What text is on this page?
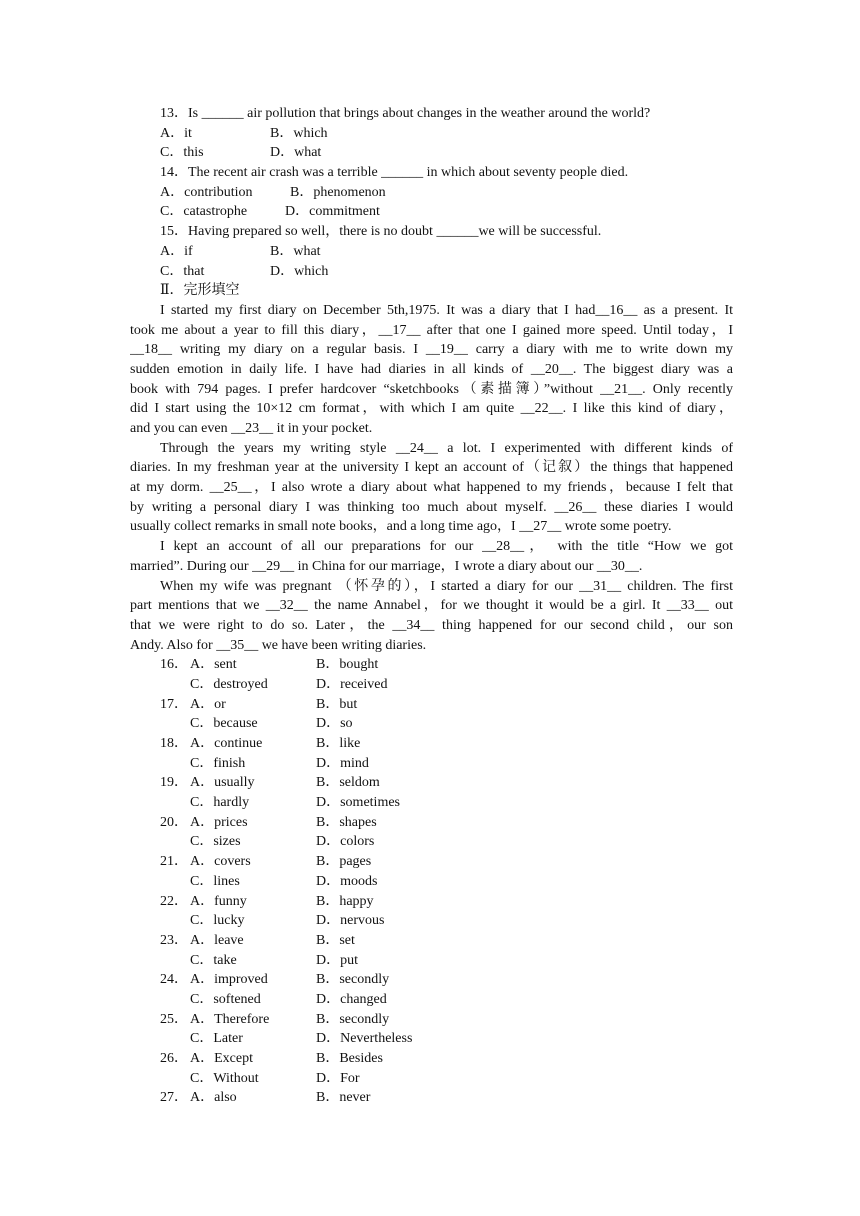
13．Is ______ air pollution that brings about changes in the weather around the world?
A．it	B．which
C．this	D．what
14．The recent air crash was a terrible ______ in which about seventy people died.
A．contribution	B．phenomenon
C．catastrophe	D．commitment
15．Having prepared so well，there is no doubt ______we will be successful.
A．if	B．what
C．that	D．which
Ⅱ．完形填空
I started my first diary on December 5th,1975. It was a diary that I had__16__ as a present. It
took me about a year to fill this diary，__17__ after that one I gained more speed. Until today，I
__18__ writing my diary on a regular basis. I __19__ carry a diary with me to write down my
sudden emotion in daily life. I have had diaries in all kinds of __20__. The biggest diary was a
book with 794 pages. I prefer hardcover “sketchbooks（素描簿）”without __21__. Only recently
did I start using the 10×12 cm format，with which I am quite __22__. I like this kind of diary，
and you can even __23__ it in your pocket.
Through the years my writing style __24__ a lot. I experimented with different kinds of
diaries. In my freshman year at the university I kept an account of（记叙）the things that happened
at my dorm. __25__，I also wrote a diary about what happened to my friends，because I felt that
by writing a personal diary I was thinking too much about myself. __26__ these diaries I would
usually collect remarks in small note books，and a long time ago，I __27__ wrote some poetry.
I kept an account of all our preparations for our __28__， with the title “How we got
married”. During our __29__ in China for our marriage，I wrote a diary about our __30__.
When my wife was pregnant （怀孕的），I started a diary for our __31__ children. The first
part mentions that we __32__ the name Annabel，for we thought it would be a girl. It __33__ out
that we were right to do so. Later，the __34__ thing happened for our second child，our son
Andy. Also for __35__ we have been writing diaries.
16． A．sent	B．bought
C．destroyed	D．received
17． A．or	B．but
C．because	D．so
18． A．continue	B．like
C．finish	D．mind
19． A．usually	B．seldom
C．hardly	D．sometimes
20． A．prices	B．shapes
C．sizes	D．colors
21． A．covers	B．pages
C．lines	D．moods
22． A．funny	B．happy
C．lucky	D．nervous
23． A．leave	B．set
C．take	D．put
24． A．improved	B．secondly
C．softened	D．changed
25． A．Therefore	B．secondly
C．Later	D．Nevertheless
26． A．Except	B．Besides
C．Without	D．For
27． A．also	B．never
